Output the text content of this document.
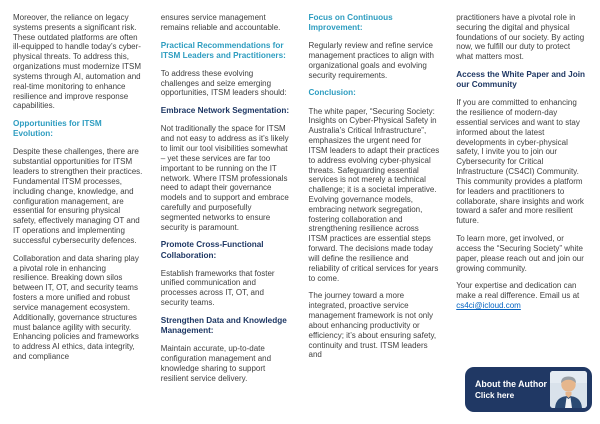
Moreover, the reliance on legacy systems presents a significant risk. These outdated platforms are often ill-equipped to handle today’s cyber-physical threats. To address this, organizations must modernize ITSM systems through AI, automation and real-time monitoring to enhance resilience and improve response capabilities.

Opportunities for ITSM Evolution:

Despite these challenges, there are substantial opportunities for ITSM leaders to strengthen their practices. Fundamental ITSM processes, including change, knowledge, and configuration management, are essential for ensuring physical safety, effectively managing OT and IT operations and implementing successful cybersecurity defences.

Collaboration and data sharing play a pivotal role in enhancing resilience. Breaking down silos between IT, OT, and security teams fosters a more unified and robust service management ecosystem. Additionally, governance structures must balance agility with security. Enhancing policies and frameworks to address AI ethics, data integrity, and compliance

ensures service management remains reliable and accountable.

Practical Recommendations for ITSM Leaders and Practitioners:

To address these evolving challenges and seize emerging opportunities, ITSM leaders should:

Embrace Network Segmentation:

Not traditionally the space for ITSM and not easy to address as it’s likely to limit our tool visibilities somewhat – yet these services are far too important to be running on the IT network. Where ITSM professionals need to adapt their governance models and to support and embrace carefully and purposefully segmented networks to ensure security is paramount.

Promote Cross-Functional Collaboration:

Establish frameworks that foster unified communication and processes across IT, OT, and security teams.

Strengthen Data and Knowledge Management:

Maintain accurate, up-to-date configuration management and knowledge sharing to support resilient service delivery.

Focus on Continuous Improvement:

Regularly review and refine service management practices to align with organizational goals and evolving security requirements.

Conclusion:

The white paper, “Securing Society: Insights on Cyber-Physical Safety in Australia’s Critical Infrastructure”, emphasizes the urgent need for ITSM leaders to adapt their practices to address evolving cyber-physical threats. Safeguarding essential services is not merely a technical challenge; it is a societal imperative. Evolving governance models, embracing network segregation, fostering collaboration and strengthening resilience across ITSM practices are essential steps forward. The decisions made today will define the resilience and reliability of critical services for years to come.

The journey toward a more integrated, proactive service management framework is not only about enhancing productivity or efficiency; it’s about ensuring safety, continuity and trust. ITSM leaders and

practitioners have a pivotal role in securing the digital and physical foundations of our society. By acting now, we fulfill our duty to protect what matters most.

Access the White Paper and Join our Community

If you are committed to enhancing the resilience of modern-day essential services and want to stay informed about the latest developments in cyber-physical safety, I invite you to join our Cybersecurity for Critical Infrastructure (CS4CI) Community. This community provides a platform for leaders and practitioners to collaborate, share insights and work toward a safer and more resilient future.

To learn more, get involved, or access the “Securing Society” white paper, please reach out and join our growing community.

Your expertise and dedication can make a real difference. Email us at cs4ci@icloud.com

About the Author
Click here
